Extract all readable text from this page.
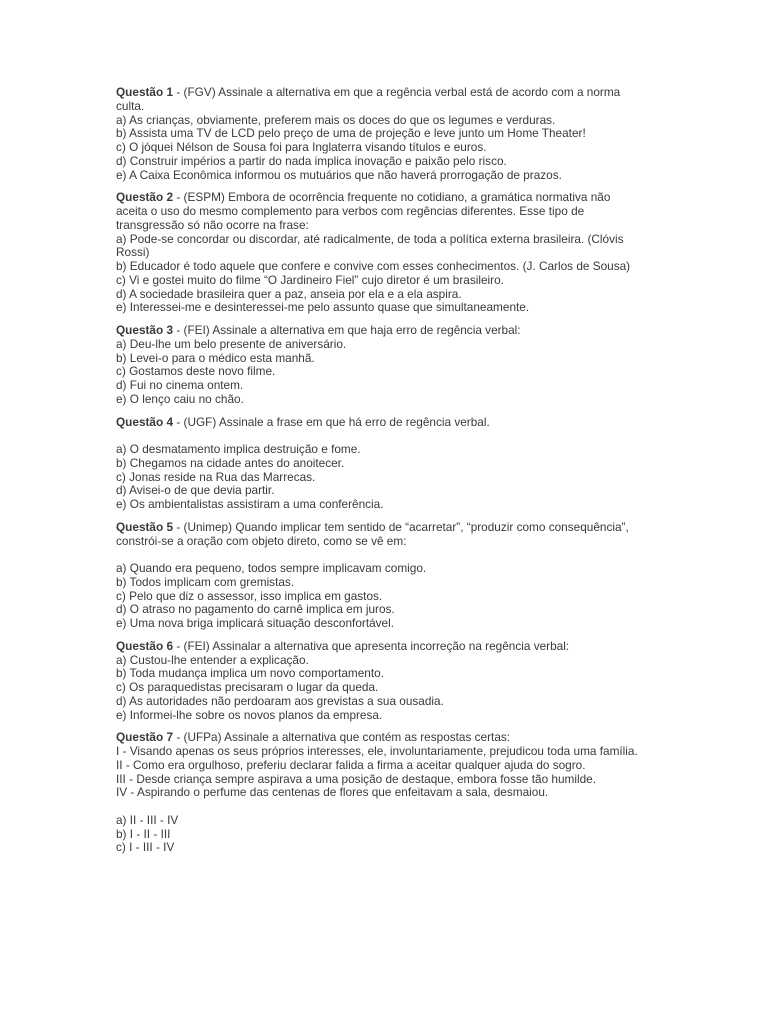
Questão 1 - (FGV) Assinale a alternativa em que a regência verbal está de acordo com a norma culta.
a) As crianças, obviamente, preferem mais os doces do que os legumes e verduras.
b) Assista uma TV de LCD pelo preço de uma de projeção e leve junto um Home Theater!
c) O jóquei Nélson de Sousa foi para Inglaterra visando títulos e euros.
d) Construir impérios a partir do nada implica inovação e paixão pelo risco.
e) A Caixa Econômica informou os mutuários que não haverá prorrogação de prazos.
Questão 2 - (ESPM) Embora de ocorrência frequente no cotidiano, a gramática normativa não aceita o uso do mesmo complemento para verbos com regências diferentes. Esse tipo de transgressão só não ocorre na frase:
a) Pode-se concordar ou discordar, até radicalmente, de toda a política externa brasileira. (Clóvis Rossi)
b) Educador é todo aquele que confere e convive com esses conhecimentos. (J. Carlos de Sousa)
c) Vi e gostei muito do filme “O Jardineiro Fiel” cujo diretor é um brasileiro.
d) A sociedade brasileira quer a paz, anseia por ela e a ela aspira.
e) Interessei-me e desinteressei-me pelo assunto quase que simultaneamente.
Questão 3 - (FEI) Assinale a alternativa em que haja erro de regência verbal:
a) Deu-lhe um belo presente de aniversário.
b) Levei-o para o médico esta manhã.
c) Gostamos deste novo filme.
d) Fui no cinema ontem.
e) O lenço caiu no chão.
Questão 4 - (UGF) Assinale a frase em que há erro de regência verbal.
a) O desmatamento implica destruição e fome.
b) Chegamos na cidade antes do anoitecer.
c) Jonas reside na Rua das Marrecas.
d) Avisei-o de que devia partir.
e) Os ambientalistas assistiram a uma conferência.
Questão 5 - (Unimep) Quando implicar tem sentido de “acarretar”, “produzir como consequência”, constrói-se a oração com objeto direto, como se vê em:
a) Quando era pequeno, todos sempre implicavam comigo.
b) Todos implicam com gremistas.
c) Pelo que diz o assessor, isso implica em gastos.
d) O atraso no pagamento do carnê implica em juros.
e) Uma nova briga implicará situação desconfortável.
Questão 6 - (FEI) Assinalar a alternativa que apresenta incorreção na regência verbal:
a) Custou-lhe entender a explicação.
b) Toda mudança implica um novo comportamento.
c) Os paraquedistas precisaram o lugar da queda.
d) As autoridades não perdoaram aos grevistas a sua ousadia.
e) Informei-lhe sobre os novos planos da empresa.
Questão 7 - (UFPa) Assinale a alternativa que contém as respostas certas:
I - Visando apenas os seus próprios interesses, ele, involuntariamente, prejudicou toda uma família.
II - Como era orgulhoso, preferiu declarar falida a firma a aceitar qualquer ajuda do sogro.
III - Desde criança sempre aspirava a uma posição de destaque, embora fosse tão humilde.
IV - Aspirando o perfume das centenas de flores que enfeitavam a sala, desmaiou.
a) II - III - IV
b) I - II - III
c) I - III - IV
